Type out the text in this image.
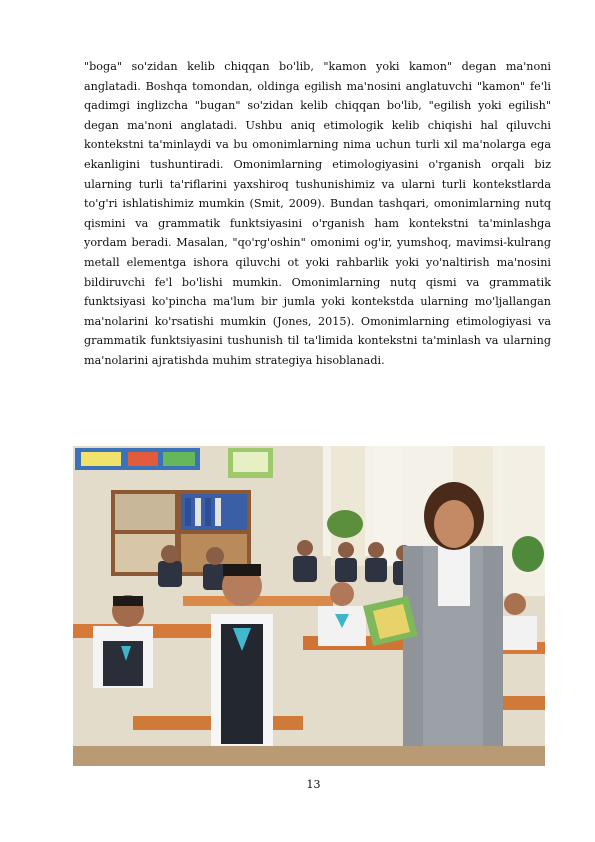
"boga" so'zidan kelib chiqqan bo'lib, "kamon yoki kamon" degan ma'noni anglatadi. Boshqa tomondan, oldinga egilish ma'nosini anglatuvchi "kamon" fe'li qadimgi inglizcha "bugan" so'zidan kelib chiqqan bo'lib, "egilish yoki egilish" degan ma'noni anglatadi. Ushbu aniq etimologik kelib chiqishi hal qiluvchi kontekstni ta'minlaydi va bu omonimlarning nima uchun turli xil ma'nolarga ega ekanligini tushuntiradi. Omonimlarning etimologiyasini o'rganish orqali biz ularning turli ta'riflarini yaxshiroq tushunishimiz va ularni turli kontekstlarda to'g'ri ishlatishimiz mumkin (Smit, 2009). Bundan tashqari, omonimlarning nutq qismini va grammatik funktsiyasini o'rganish ham kontekstni ta'minlashga yordam beradi. Masalan, "qo'rg'oshin" omonimi og'ir, yumshoq, mavimsi-kulrang metall elementga ishora qiluvchi ot yoki rahbarlik yoki yo'naltirish ma'nosini bildiruvchi fe'l bo'lishi mumkin. Omonimlarning nutq qismi va grammatik funktsiyasi ko'pincha ma'lum bir jumla yoki kontekstda ularning mo'ljallangan ma'nolarini ko'rsatishi mumkin (Jones, 2015). Omonimlarning etimologiyasi va grammatik funktsiyasini tushunish til ta'limida kontekstni ta'minlash va ularning ma'nolarini ajratishda muhim strategiya hisoblanadi.

13
